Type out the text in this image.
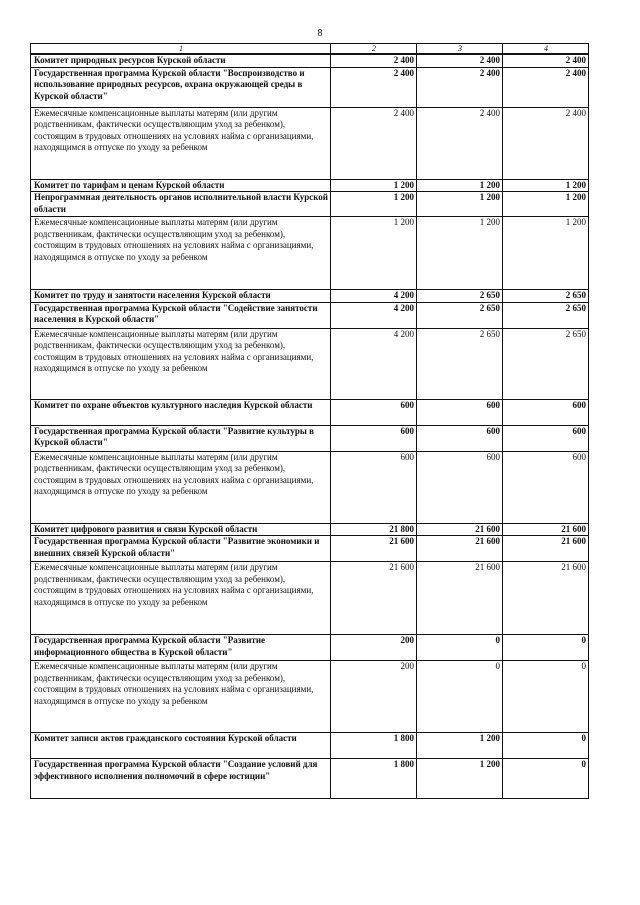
8
1	2	3	4
Комитет природных ресурсов Курской области	2 400	2 400	2 400
Государственная программа Курской области "Воспроизводство и использование природных ресурсов, охрана окружающей среды в Курской области"	2 400	2 400	2 400
Ежемесячные компенсационные выплаты матерям (или другим родственникам, фактически осуществляющим уход за ребенком), состоящим в трудовых отношениях на условиях найма с организациями, находящимся в отпуске по уходу за ребенком	2 400	2 400	2 400
Комитет по тарифам и ценам Курской области	1 200	1 200	1 200
Непрограммная деятельность органов исполнительной власти Курской области	1 200	1 200	1 200
Ежемесячные компенсационные выплаты матерям (или другим родственникам, фактически осуществляющим уход за ребенком), состоящим в трудовых отношениях на условиях найма с организациями, находящимся в отпуске по уходу за ребенком	1 200	1 200	1 200
Комитет по труду и занятости населения Курской области	4 200	2 650	2 650
Государственная программа Курской области "Содействие занятости населения в Курской области"	4 200	2 650	2 650
Ежемесячные компенсационные выплаты матерям (или другим родственникам, фактически осуществляющим уход за ребенком), состоящим в трудовых отношениях на условиях найма с организациями, находящимся в отпуске по уходу за ребенком	4 200	2 650	2 650
Комитет по охране объектов культурного наследия Курской области	600	600	600
Государственная программа Курской области "Развитие культуры в Курской области"	600	600	600
Ежемесячные компенсационные выплаты матерям (или другим родственникам, фактически осуществляющим уход за ребенком), состоящим в трудовых отношениях на условиях найма с организациями, находящимся в отпуске по уходу за ребенком	600	600	600
Комитет цифрового развития и связи Курской области	21 800	21 600	21 600
Государственная программа Курской области "Развитие экономики и внешних связей Курской области"	21 600	21 600	21 600
Ежемесячные компенсационные выплаты матерям (или другим родственникам, фактически осуществляющим уход за ребенком), состоящим в трудовых отношениях на условиях найма с организациями, находящимся в отпуске по уходу за ребенком	21 600	21 600	21 600
Государственная программа Курской области "Развитие информационного общества в Курской области"	200	0	0
Ежемесячные компенсационные выплаты матерям (или другим родственникам, фактически осуществляющим уход за ребенком), состоящим в трудовых отношениях на условиях найма с организациями, находящимся в отпуске по уходу за ребенком	200	0	0
Комитет записи актов гражданского состояния Курской области	1 800	1 200	0
Государственная программа Курской области "Создание условий для эффективного исполнения полномочий в сфере юстиции"	1 800	1 200	0
